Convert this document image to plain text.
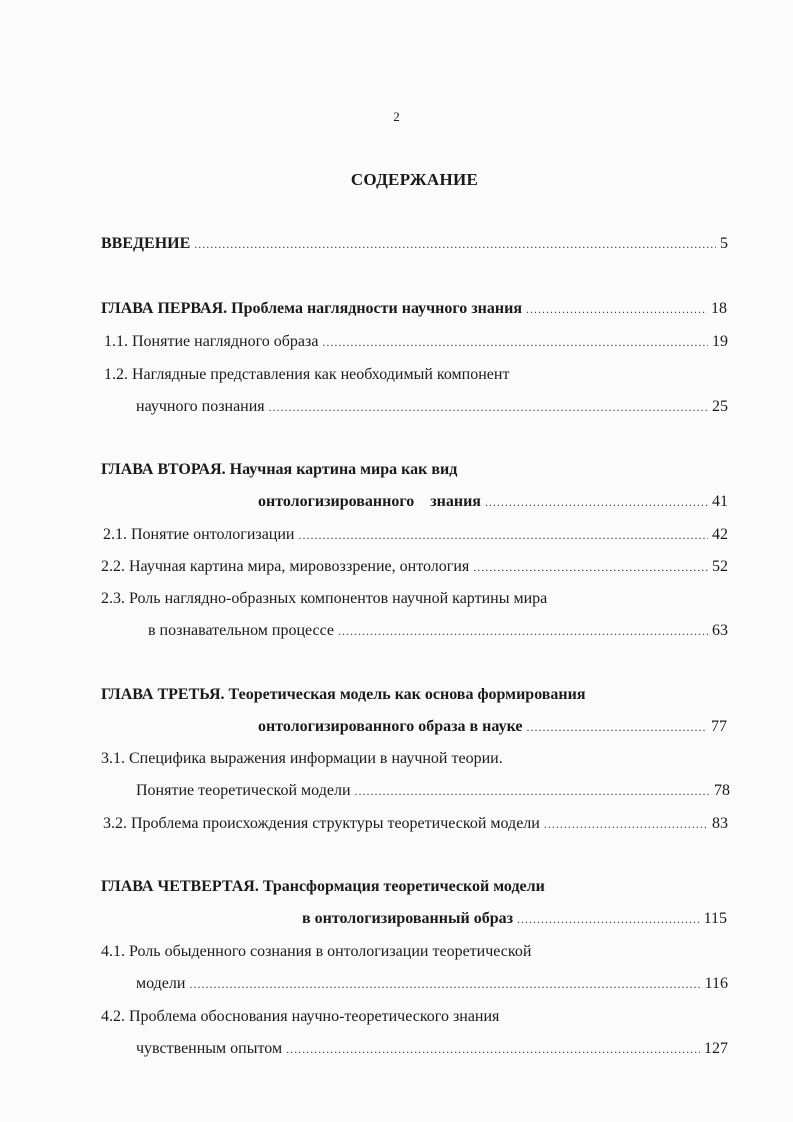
2
СОДЕРЖАНИЕ
ВВЕДЕНИЕ .....	5
ГЛАВА ПЕРВАЯ. Проблема наглядности научного знания .....	18
1.1. Понятие наглядного образа .....	19
1.2. Наглядные представления как необходимый компонент
научного познания .....	25
ГЛАВА ВТОРАЯ. Научная картина мира как вид
онтологизированного    знания .....	41
2.1. Понятие онтологизации .....	42
2.2. Научная картина мира, мировоззрение, онтология .....	52
2.3. Роль наглядно-образных компонентов научной картины мира
в познавательном процессе .....	63
ГЛАВА ТРЕТЬЯ. Теоретическая модель как основа формирования
онтологизированного образа в науке .....	77
3.1. Специфика выражения информации в научной теории.
Понятие теоретической модели .....	78
3.2. Проблема происхождения структуры теоретической модели .....	83
ГЛАВА ЧЕТВЕРТАЯ. Трансформация теоретической модели
в онтологизированный образ .....	115
4.1. Роль обыденного сознания в онтологизации теоретической
модели .....	116
4.2. Проблема обоснования научно-теоретического знания
чувственным опытом .....	127
